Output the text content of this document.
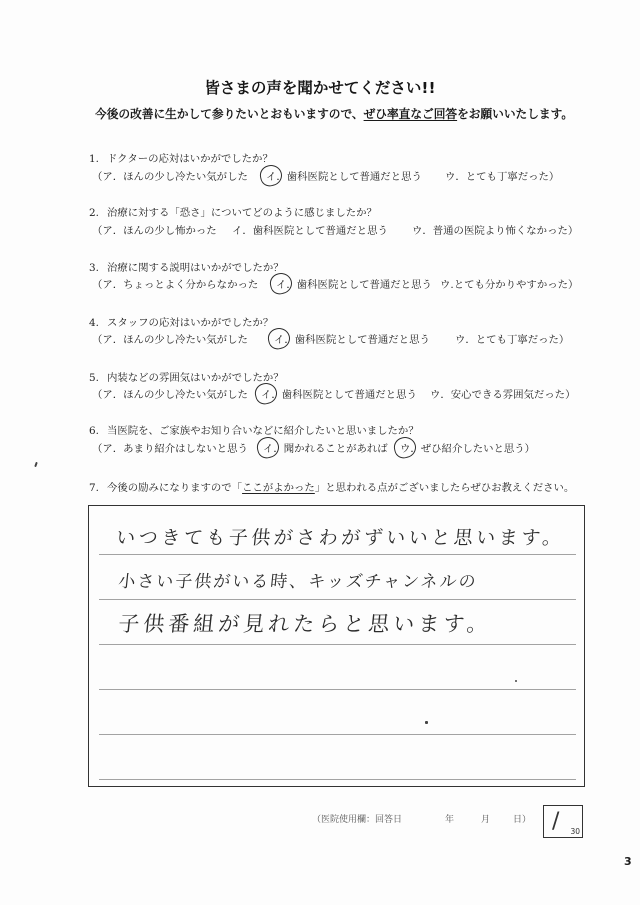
皆さまの声を聞かせてください!!
今後の改善に生かして参りたいとおもいますので、ぜひ率直なご回答をお願いいたします。
1. ドクターの応対はいかがでしたか？
（ア．ほんの少し冷たい気がした イ
．歯科医院として普通だと思う ウ．とても丁寧だった）
2. 治療に対する「恐さ」についてどのように感じましたか？
（ア．ほんの少し怖かった イ．歯科医院として普通だと思う ウ．普通の医院より怖くなかった）
3. 治療に関する説明はいかがでしたか？
（ア．ちょっとよく分からなかった イ
．歯科医院として普通だと思う ウ.とても分かりやすかった）
4. スタッフの応対はいかがでしたか？
（ア．ほんの少し冷たい気がした	イ
．歯科医院として普通だと思う ウ．とても丁寧だった）
5. 内装などの雰囲気はいかがでしたか？
（ア．ほんの少し冷たい気がした イ
．歯科医院として普通だと思う ウ．安心できる雰囲気だった）
6. 当医院を、ご家族やお知り合いなどに紹介したいと思いましたか？
（ア．あまり紹介はしないと思う イ
．聞かれることがあれば ウ
．ぜひ紹介したいと思う）
7. 今後の励みになりますので「ここがよかった」と思われる点がございましたらぜひお教えください。
いつきても子供がさわがずいいと思います。
小さい子供がいる時、キッズチャンネルの
子供番組が見れたらと思います。
（医院使用欄：回答日	年	月	日） / 30
3
